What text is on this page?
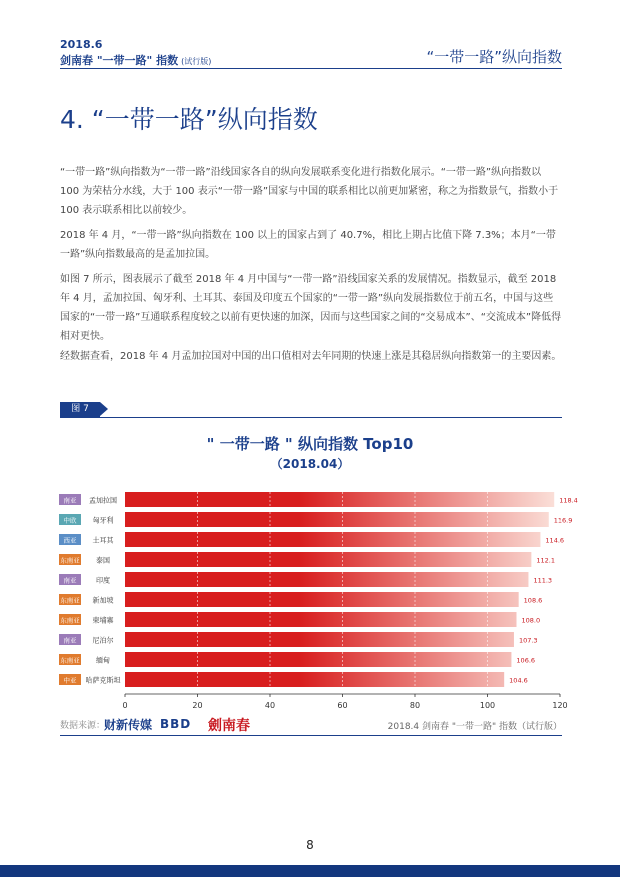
2018.6
剑南春 "一带一路" 指数 (试行版)	“一带一路”纵向指数
4. “一带一路”纵向指数

“一带一路”纵向指数为“一带一路”沿线国家各自的纵向发展联系变化进行指数化展示。“一带一路”纵向指数以 100 为荣枯分水线，大于 100 表示“一带一路”国家与中国的联系相比以前更加紧密，称之为指数景气，指数小于 100 表示联系相比以前较少。

2018 年 4 月，“一带一路”纵向指数在 100 以上的国家占到了 40.7%，相比上期占比值下降 7.3%；本月“一带一路”纵向指数最高的是孟加拉国。

如图 7 所示，图表展示了截至 2018 年 4 月中国与“一带一路”沿线国家关系的发展情况。指数显示，截至 2018 年 4 月，孟加拉国、匈牙利、土耳其、泰国及印度五个国家的“一带一路”纵向发展指数位于前五名，中国与这些国家的“一带一路”互通联系程度较之以前有更快速的加深，因而与这些国家之间的“交易成本”、“交流成本”降低得相对更快。

经数据查看，2018 年 4 月孟加拉国对中国的出口值相对去年同期的快速上涨是其稳居纵向指数第一的主要因素。

图 7
" 一带一路 " 纵向指数 Top10
（2018.04）
南亚 孟加拉国	118.4
中欧 匈牙利	116.9
西亚 土耳其	114.6
东南亚 泰国	112.1
南亚	印度	111.3
东南亚 新加坡	108.6
东南亚 柬埔寨	108.0
南亚 尼泊尔	107.3
东南亚 缅甸	106.6
中亚 哈萨克斯坦	104.6
0	20	40	60	80	100	120
数据来源：
财新传媒 BBD 劍南春	2018.4 剑南春 "一带一路" 指数（试行版）
8
